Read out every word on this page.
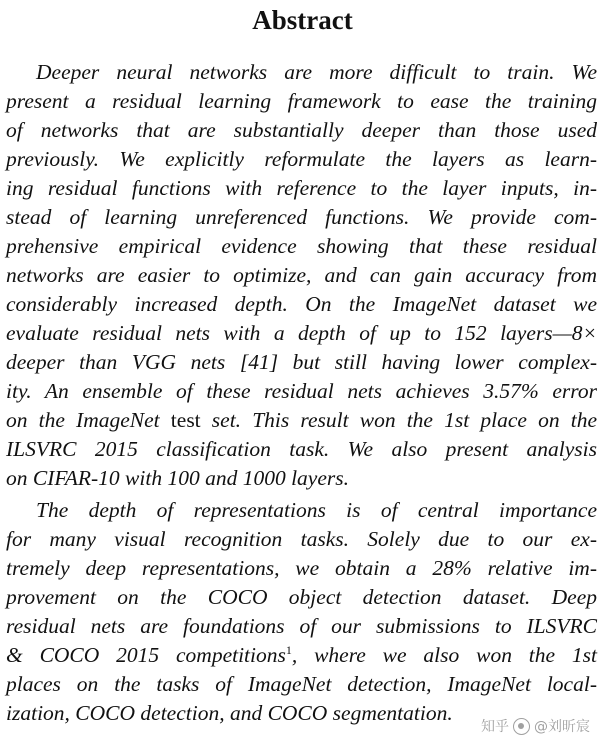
Abstract
Deeper neural networks are more difficult to train. We
present a residual learning framework to ease the training
of networks that are substantially deeper than those used
previously. We explicitly reformulate the layers as learn-
ing residual functions with reference to the layer inputs, in-
stead of learning unreferenced functions. We provide com-
prehensive empirical evidence showing that these residual
networks are easier to optimize, and can gain accuracy from
considerably increased depth. On the ImageNet dataset we
evaluate residual nets with a depth of up to 152 layers—8×
deeper than VGG nets [41] but still having lower complex-
ity. An ensemble of these residual nets achieves 3.57% error
on the ImageNet test set. This result won the 1st place on the
ILSVRC 2015 classification task. We also present analysis
on CIFAR-10 with 100 and 1000 layers.
The depth of representations is of central importance
for many visual recognition tasks. Solely due to our ex-
tremely deep representations, we obtain a 28% relative im-
provement on the COCO object detection dataset. Deep
residual nets are foundations of our submissions to ILSVRC
& COCO 2015 competitions$^1$, where we also won the 1st
places on the tasks of ImageNet detection, ImageNet local-
ization, COCO detection, and COCO segmentation.
知乎 @刘昕宸
